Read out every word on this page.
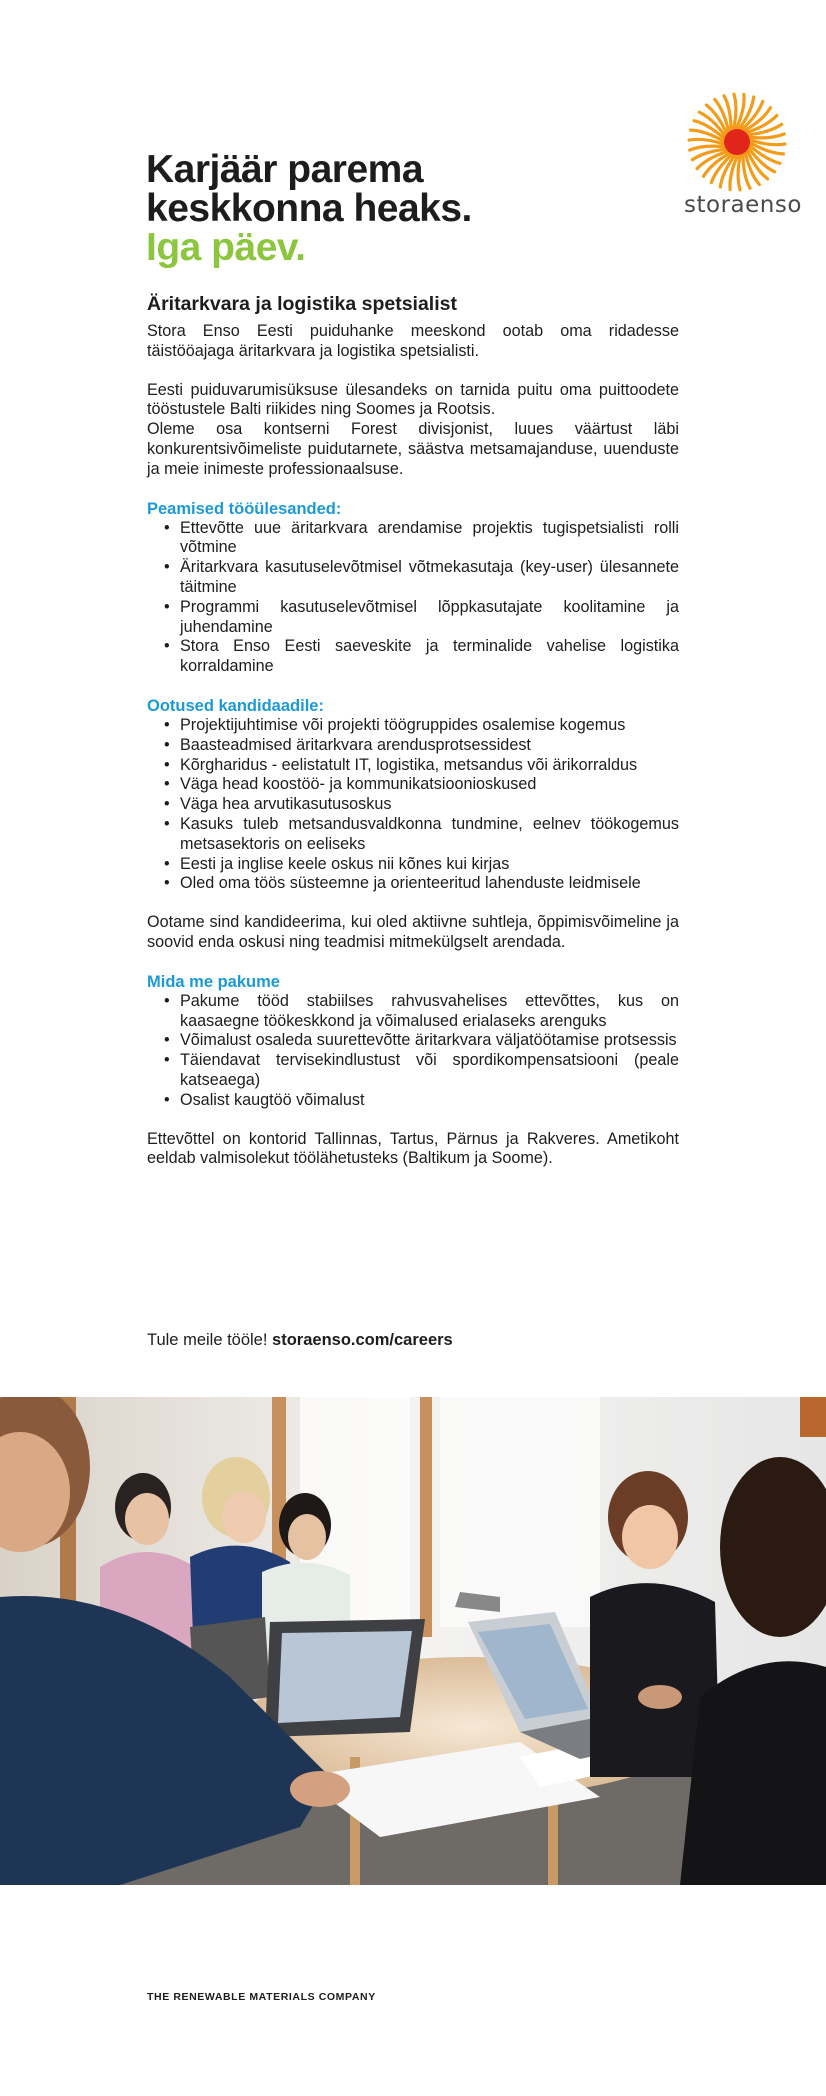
storaenso
Karjäär parema
keskkonna heaks.
Iga päev.
Äritarkvara ja logistika spetsialist

Stora Enso Eesti puiduhanke meeskond ootab oma ridadesse täistööajaga äritarkvara ja logistika spetsialisti.

Eesti puiduvarumisüksuse ülesandeks on tarnida puitu oma puittoodete tööstustele Balti riikides ning Soomes ja Rootsis.

Oleme osa kontserni Forest divisjonist, luues väärtust läbi konkurentsivõimeliste puidutarnete, säästva metsamajanduse, uuenduste ja meie inimeste professionaalsuse.

Peamised tööülesanded:
• Ettevõtte uue äritarkvara arendamise projektis tugispetsialisti rolli võtmine
• Äritarkvara kasutuselevõtmisel võtmekasutaja (key-user) ülesannete täitmine
• Programmi kasutuselevõtmisel lõppkasutajate koolitamine ja juhendamine
• Stora Enso Eesti saeveskite ja terminalide vahelise logistika korraldamine
Ootused kandidaadile:
• Projektijuhtimise või projekti töögruppides osalemise kogemus
• Baasteadmised äritarkvara arendusprotsessidest
• Kõrgharidus - eelistatult IT, logistika, metsandus või ärikorraldus
• Väga head koostöö- ja kommunikatsioonioskused
• Väga hea arvutikasutusoskus
• Kasuks tuleb metsandusvaldkonna tundmine, eelnev töökogemus metsasektoris on eeliseks
• Eesti ja inglise keele oskus nii kõnes kui kirjas
• Oled oma töös süsteemne ja orienteeritud lahenduste leidmisele

Ootame sind kandideerima, kui oled aktiivne suhtleja, õppimisvõimeline ja soovid enda oskusi ning teadmisi mitmekülgselt arendada.

Mida me pakume
• Pakume tööd stabiilses rahvusvahelises ettevõttes, kus on kaasaegne töökeskkond ja võimalused erialaseks arenguks
• Võimalust osaleda suurettevõtte äritarkvara väljatöötamise protsessis
• Täiendavat tervisekindlustust või spordikompensatsiooni (peale katseaega)
• Osalist kaugtöö võimalust

Ettevõttel on kontorid Tallinnas, Tartus, Pärnus ja Rakveres. Ametikoht eeldab valmisolekut töölähetusteks (Baltikum ja Soome).

Tule meile tööle! storaenso.com/careers
THE RENEWABLE MATERIALS COMPANY
